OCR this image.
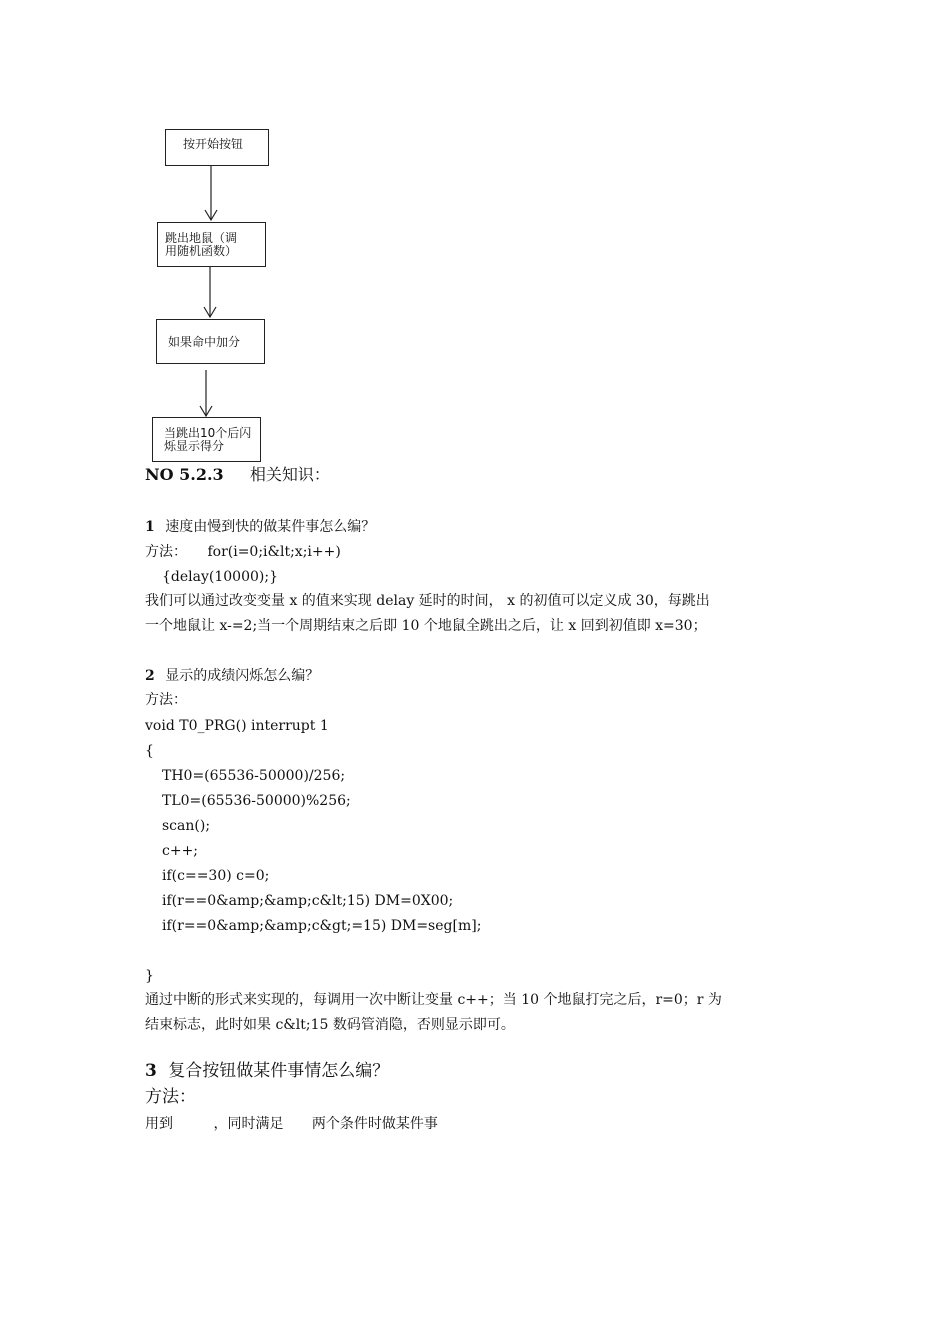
按开始按钮
跳出地鼠（调
用随机函数）
如果命中加分
当跳出10个后闪
烁显示得分
NO 5.2.3 相关知识：
1 速度由慢到快的做某件事怎么编？
方法： for(i=0;i&lt;x;i++)
{delay(10000);}
我们可以通过改变变量 x 的值来实现 delay 延时的时间， x 的初值可以定义成 30，每跳出
一个地鼠让 x-=2;当一个周期结束之后即 10 个地鼠全跳出之后，让 x 回到初值即 x=30；
2 显示的成绩闪烁怎么编？
方法：
void T0_PRG() interrupt 1
{
TH0=(65536-50000)/256;
TL0=(65536-50000)%256;
scan();
c++;
if(c==30) c=0;
if(r==0&amp;&amp;c&lt;15) DM=0X00;
if(r==0&amp;&amp;c&gt;=15) DM=seg[m];
}
通过中断的形式来实现的，每调用一次中断让变量 c++；当 10 个地鼠打完之后，r=0；r 为
结束标志，此时如果 c&lt;15 数码管消隐，否则显示即可。
3 复合按钮做某件事情怎么编？
方法：
用到	，同时满足 两个条件时做某件事
